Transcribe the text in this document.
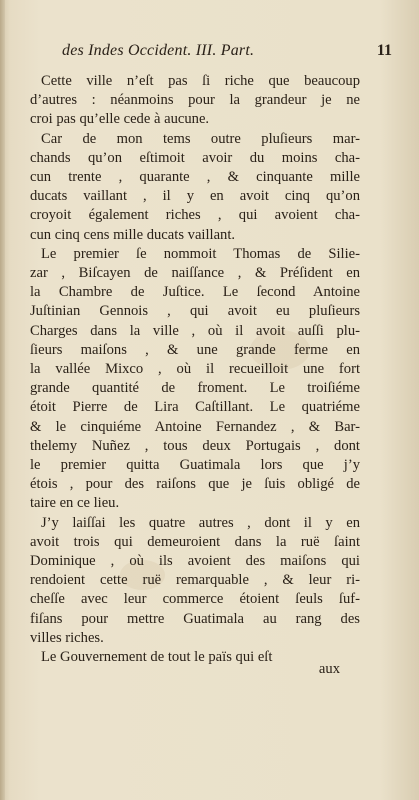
des Indes Occident. III. Part.	11
Cette ville n’eſt pas ſi riche que beaucoup
d’autres : néanmoins pour la grandeur je ne
croi pas qu’elle cede à aucune.
Car de mon tems outre pluſieurs mar-
chands qu’on eſtimoit avoir du moins cha-
cun trente , quarante , & cinquante mille
ducats vaillant , il y en avoit cinq qu’on
croyoit également riches , qui avoient cha-
cun cinq cens mille ducats vaillant.
Le premier ſe nommoit Thomas de Silie-
zar , Biſcayen de naiſſance , & Préſident en
la Chambre de Juſtice. Le ſecond Antoine
Juſtinian Gennois , qui avoit eu pluſieurs
Charges dans la ville , où il avoit auſſi plu-
ſieurs maiſons , & une grande ferme en
la vallée Mixco , où il recueilloit une fort
grande quantité de froment. Le troiſiéme
étoit Pierre de Lira Caſtillant. Le quatriéme
& le cinquiéme Antoine Fernandez , & Bar-
thelemy Nuñez , tous deux Portugais , dont
le premier quitta Guatimala lors que j’y
étois , pour des raiſons que je ſuis obligé de
taire en ce lieu.
J’y laiſſai les quatre autres , dont il y en
avoit trois qui demeuroient dans la ruë ſaint
Dominique , où ils avoient des maiſons qui
rendoient cette ruë remarquable , & leur ri-
cheſſe avec leur commerce étoient ſeuls ſuf-
fiſans pour mettre Guatimala au rang des
villes riches.
Le Gouvernement de tout le païs qui eſt
aux
